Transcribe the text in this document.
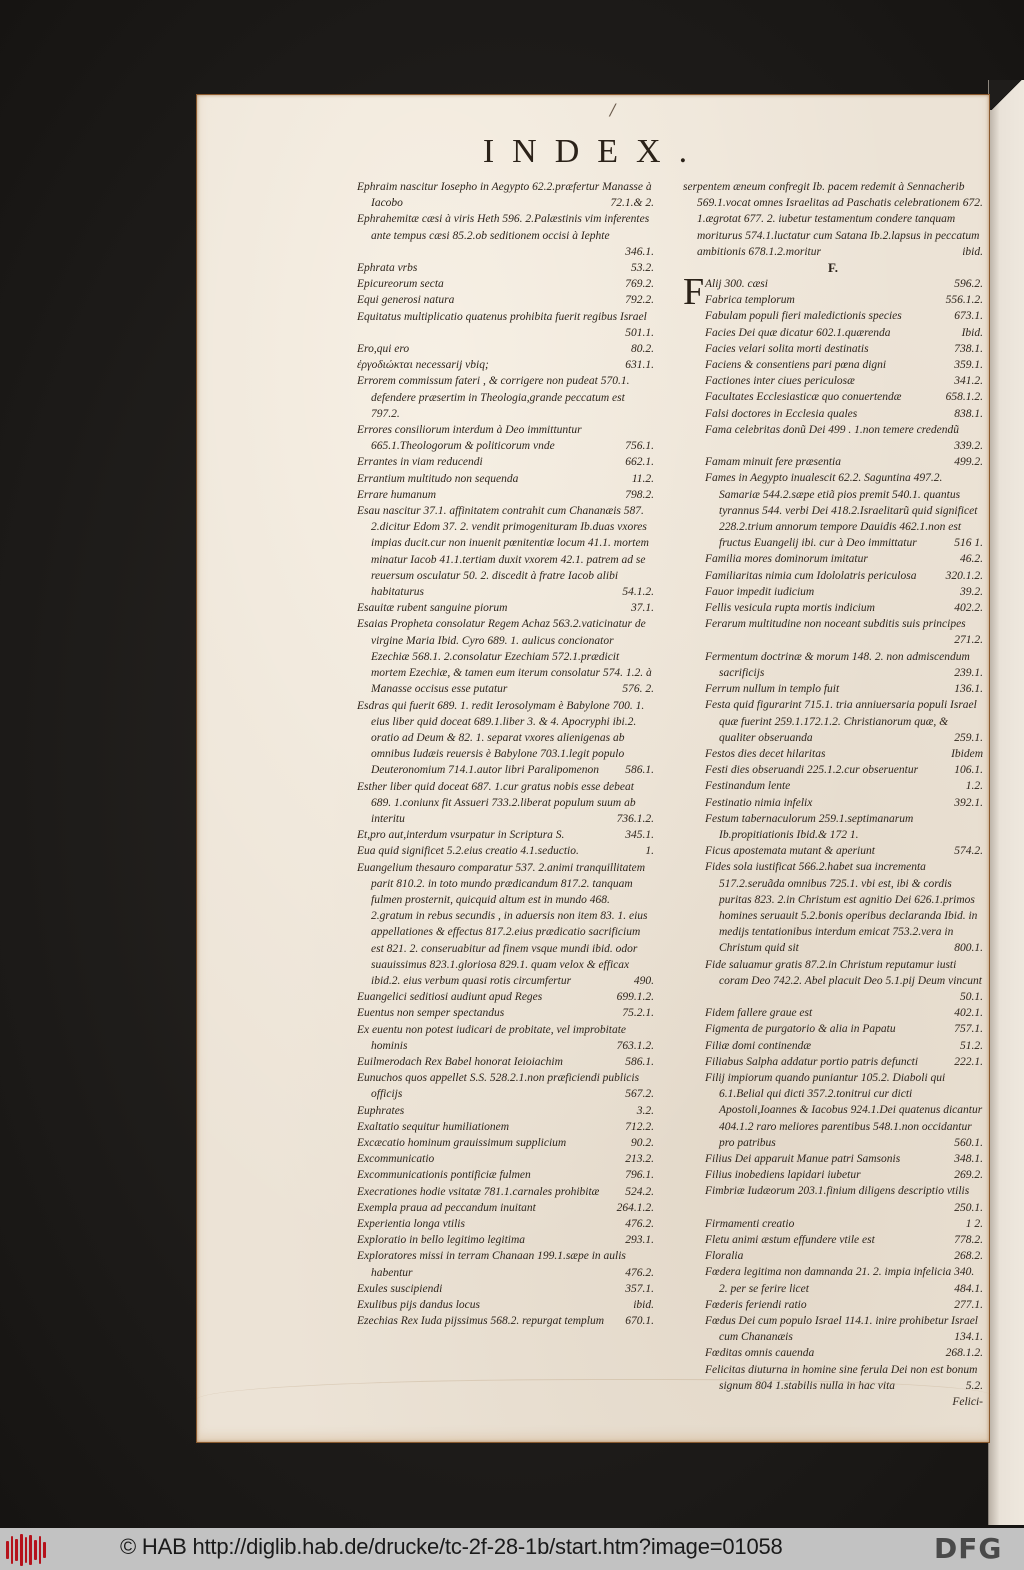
/
INDEX.
Ephraim nascitur Iosepho in Aegypto 62.2.præfertur Manasse à Iacobo	72.1.& 2.
Ephrahemitæ cæsi à viris Heth 596. 2.Palæstinis vim inferentes ante tempus cæsi 85.2.ob seditionem occisi à Iephte
346.1.
Ephrata vrbs	53.2.
Epicureorum secta	769.2.
Equi generosi natura	792.2.
Equitatus multiplicatio quatenus prohibita fuerit regibus Israel
501.1.
Ero,qui ero	80.2.
ἐργοδιώκται necessarij vbiq;	631.1.
Errorem commissum fateri , & corrigere non pudeat 570.1. defendere præsertim in Theologia,grande peccatum est 797.2.
Errores consiliorum interdum à Deo immittuntur 665.1.Theologorum & politicorum vnde	756.1.
Errantes in viam reducendi	662.1.
Errantium multitudo non sequenda	11.2.
Errare humanum	798.2.
Esau nascitur 37.1. affinitatem contrahit cum Chananæis 587. 2.dicitur Edom 37. 2. vendit primogenituram Ib.duas vxores impias ducit.cur non inuenit pœnitentiæ locum 41.1. mortem minatur Iacob 41.1.tertiam duxit vxorem 42.1. patrem ad se reuersum osculatur 50. 2. discedit à fratre Iacob alibi habitaturus	54.1.2.
Esauitæ rubent sanguine piorum	37.1.
Esaias Propheta consolatur Regem Achaz 563.2.vaticinatur de virgine Maria Ibid. Cyro 689. 1. aulicus concionator Ezechiæ 568.1. 2.consolatur Ezechiam 572.1.prædicit mortem Ezechiæ, & tamen eum iterum consolatur 574. 1.2. à Manasse occisus esse putatur	576. 2.
Esdras qui fuerit 689. 1. redit Ierosolymam è Babylone 700. 1. eius liber quid doceat 689.1.liber 3. & 4. Apocryphi ibi.2. oratio ad Deum & 82. 1. separat vxores alienigenas ab omnibus Iudæis reuersis è Babylone 703.1.legit populo Deuteronomium 714.1.autor libri Paralipomenon	586.1.
Esther liber quid doceat 687. 1.cur gratus nobis esse debeat 689. 1.coniunx fit Assueri 733.2.liberat populum suum ab interitu	736.1.2.
Et,pro aut,interdum vsurpatur in Scriptura S.	345.1.
Eua quid significet 5.2.eius creatio 4.1.seductio.	1.
Euangelium thesauro comparatur 537. 2.animi tranquillitatem parit 810.2. in toto mundo prædicandum 817.2. tanquam fulmen prosternit, quicquid altum est in mundo 468. 2.gratum in rebus secundis , in aduersis non item 83. 1. eius appellationes & effectus 817.2.eius prædicatio sacrificium est 821. 2. conseruabitur ad finem vsque mundi ibid. odor suauissimus 823.1.gloriosa 829.1. quam velox & efficax ibid.2. eius verbum quasi rotis circumfertur	490.
Euangelici seditiosi audiunt apud Reges	699.1.2.
Euentus non semper spectandus	75.2.1.
Ex euentu non potest iudicari de probitate, vel improbitate hominis	763.1.2.
Euilmerodach Rex Babel honorat Ieioiachim	586.1.
Eunuchos quos appellet S.S. 528.2.1.non præficiendi publicis officijs	567.2.
Euphrates	3.2.
Exaltatio sequitur humiliationem	712.2.
Excæcatio hominum grauissimum supplicium	90.2.
Excommunicatio	213.2.
Excommunicationis pontificiæ fulmen	796.1.
Execrationes hodie vsitatæ 781.1.carnales prohibitæ	524.2.
Exempla praua ad peccandum inuitant	264.1.2.
Experientia longa vtilis	476.2.
Exploratio in bello legitimo legitima	293.1.
Exploratores missi in terram Chanaan 199.1.sæpe in aulis habentur	476.2.
Exules suscipiendi	357.1.
Exulibus pijs dandus locus	ibid.
Ezechias Rex Iuda pijssimus 568.2. repurgat templum	670.1.
serpentem æneum confregit Ib. pacem redemit à Sennacherib 569.1.vocat omnes Israelitas ad Paschatis celebrationem 672. 1.ægrotat 677. 2. iubetur testamentum condere tanquam moriturus 574.1.luctatur cum Satana Ib.2.lapsus in peccatum ambitionis 678.1.2.moritur	ibid.
F.
F Alij 300. cæsi	596.2.
Fabrica templorum	556.1.2.
Fabulam populi fieri maledictionis species	673.1.
Facies Dei quæ dicatur 602.1.quærenda	Ibid.
Facies velari solita morti destinatis	738.1.
Faciens & consentiens pari pœna digni	359.1.
Factiones inter ciues periculosæ	341.2.
Facultates Ecclesiasticæ quo conuertendæ	658.1.2.
Falsi doctores in Ecclesia quales	838.1.
Fama celebritas donũ Dei 499 . 1.non temere credendũ
339.2.
Famam minuit fere præsentia	499.2.
Fames in Aegypto inualescit 62.2. Saguntina 497.2. Samariæ 544.2.sæpe etiã pios premit 540.1. quantus tyrannus 544. verbi Dei 418.2.Israelitarũ quid significet 228.2.trium annorum tempore Dauidis 462.1.non est fructus Euangelij ibi. cur à Deo immittatur	516 1.
Familia mores dominorum imitatur	46.2.
Familiaritas nimia cum Idololatris periculosa	320.1.2.
Fauor impedit iudicium	39.2.
Fellis vesicula rupta mortis indicium	402.2.
Ferarum multitudine non noceant subditis suis principes
271.2.
Fermentum doctrinæ & morum 148. 2. non admiscendum sacrificijs	239.1.
Ferrum nullum in templo fuit	136.1.
Festa quid figurarint 715.1. tria anniuersaria populi Israel quæ fuerint 259.1.172.1.2. Christianorum quæ, & qualiter obseruanda	259.1.
Festos dies decet hilaritas	Ibidem
Festi dies obseruandi 225.1.2.cur obseruentur	106.1.
Festinandum lente	1.2.
Festinatio nimia infelix	392.1.
Festum tabernaculorum 259.1.septimanarum Ib.propitiationis Ibid.& 172 1.
Ficus apostemata mutant & aperiunt	574.2.
Fides sola iustificat 566.2.habet sua incrementa 517.2.seruãda omnibus 725.1. vbi est, ibi & cordis puritas 823. 2.in Christum est agnitio Dei 626.1.primos homines seruauit 5.2.bonis operibus declaranda Ibid. in medijs tentationibus interdum emicat 753.2.vera in Christum quid sit	800.1.
Fide saluamur gratis 87.2.in Christum reputamur iusti coram Deo 742.2. Abel placuit Deo 5.1.pij Deum vincunt
50.1.
Fidem fallere graue est	402.1.
Figmenta de purgatorio & alia in Papatu	757.1.
Filiæ domi continendæ	51.2.
Filiabus Salpha addatur portio patris defuncti	222.1.
Filij impiorum quando puniantur 105.2. Diaboli qui 6.1.Belial qui dicti 357.2.tonitrui cur dicti Apostoli,Ioannes & Iacobus 924.1.Dei quatenus dicantur 404.1.2 raro meliores parentibus 548.1.non occidantur pro patribus	560.1.
Filius Dei apparuit Manue patri Samsonis	348.1.
Filius inobediens lapidari iubetur	269.2.
Fimbriæ Iudæorum 203.1.finium diligens descriptio vtilis
250.1.
Firmamenti creatio	1 2.
Fletu animi æstum effundere vtile est	778.2.
Floralia	268.2.
Fœdera legitima non damnanda 21. 2. impia infelicia 340. 2. per se ferire licet	484.1.
Fœderis feriendi ratio	277.1.
Fœdus Dei cum populo Israel 114.1. inire prohibetur Israel cum Chananæis	134.1.
Fœditas omnis cauenda	268.1.2.
Felicitas diuturna in homine sine ferula Dei non est bonum signum 804 1.stabilis nulla in hac vita	5.2.
Felici-
© HAB http://diglib.hab.de/drucke/tc-2f-28-1b/start.htm?image=01058	DFG
